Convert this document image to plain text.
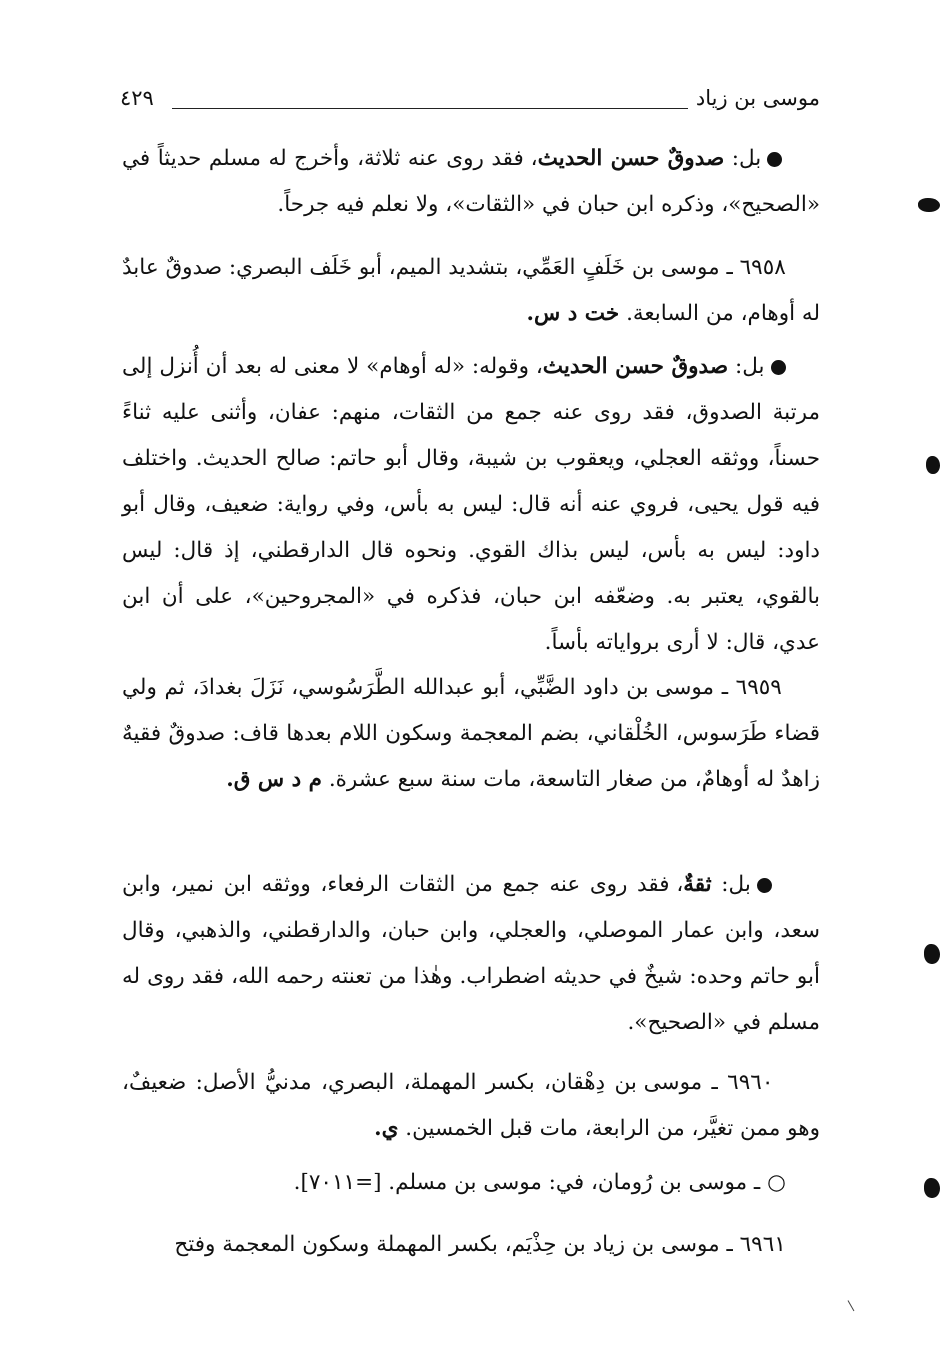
موسى بن زياد
٤٢٩

بل: صدوقٌ حسن الحديث، فقد روى عنه ثلاثة، وأخرج له مسلم حديثاً في «الصحيح»، وذكره ابن حبان في «الثقات»، ولا نعلم فيه جرحاً.

٦٩٥٨ ـ موسى بن خَلَفٍ العَمِّي، بتشديد الميم، أبو خَلَف البصري: صدوقٌ عابدٌ له أوهام، من السابعة. خت د س.

بل: صدوقٌ حسن الحديث، وقوله: «له أوهام» لا معنى له بعد أن أُنزل إلى مرتبة الصدوق، فقد روى عنه جمع من الثقات، منهم: عفان، وأثنى عليه ثناءً حسناً، ووثقه العجلي، ويعقوب بن شيبة، وقال أبو حاتم: صالح الحديث. واختلف فيه قول يحيى، فروي عنه أنه قال: ليس به بأس، وفي رواية: ضعيف، وقال أبو داود: ليس به بأس، ليس بذاك القوي. ونحوه قال الدارقطني، إذ قال: ليس بالقوي، يعتبر به. وضعّفه ابن حبان، فذكره في «المجروحين»، على أن ابن عدي، قال: لا أرى برواياته بأساً.

٦٩٥٩ ـ موسى بن داود الضَّبِّي، أبو عبدالله الطَّرَسُوسي، نَزَلَ بغدادَ، ثم ولي قضاء طَرَسوس، الخُلْقاني، بضم المعجمة وسكون اللام بعدها قاف: صدوقٌ فقيهٌ زاهدٌ له أوهامٌ، من صغار التاسعة، مات سنة سبع عشرة. م د س ق.

بل: ثقةٌ، فقد روى عنه جمع من الثقات الرفعاء، ووثقه ابن نمير، وابن سعد، وابن عمار الموصلي، والعجلي، وابن حبان، والدارقطني، والذهبي، وقال أبو حاتم وحده: شيخٌ في حديثه اضطراب. وهٰذا من تعنته رحمه الله، فقد روى له مسلم في «الصحيح».

٦٩٦٠ ـ موسى بن دِهْقان، بكسر المهملة، البصري، مدنيُّ الأصل: ضعيفٌ، وهو ممن تغيَّر، من الرابعة، مات قبل الخمسين. ي.

○ ـ موسى بن رُومان، في: موسى بن مسلم. [=٧٠١١].

٦٩٦١ ـ موسى بن زياد بن حِذْيَم، بكسر المهملة وسكون المعجمة وفتح
